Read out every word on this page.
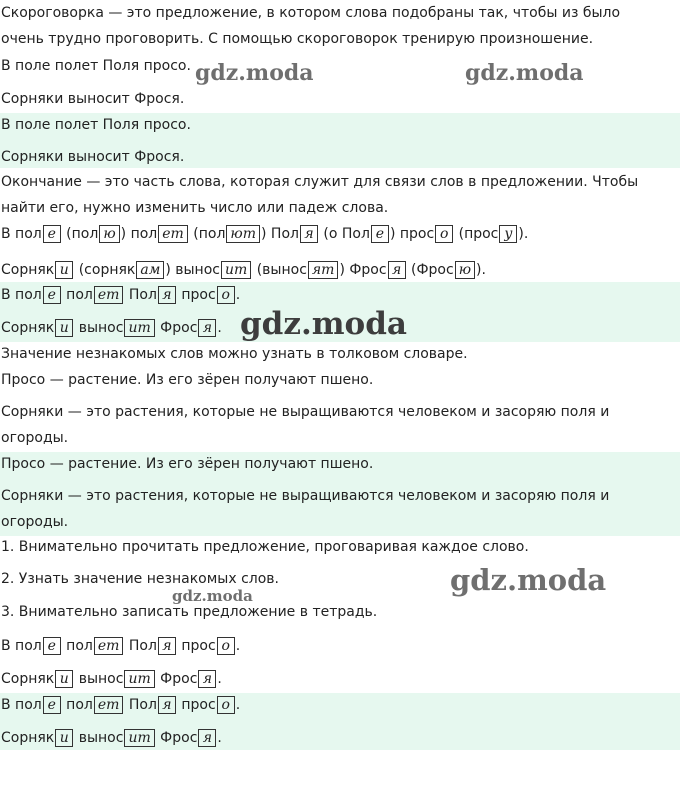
Скороговорка — это предложение, в котором слова подобраны так, чтобы из было
очень трудно проговорить. С помощью скороговорок тренирую произношение.
В поле полет Поля просо.
Сорняки выносит Фрося.
В поле полет Поля просо.
Сорняки выносит Фрося.
Окончание — это часть слова, которая служит для связи слов в предложении. Чтобы
найти его, нужно изменить число или падеж слова.
В пол е (пол ю ) пол ет (пол ют ) Пол я (о Пол е ) прос о (прос у ).
Сорняк и (сорняк ам ) вынос ит (вынос ят ) Фрос я (Фрос ю ).
В пол е пол ет Пол я прос о .
Сорняк и вынос ит Фрос я .
Значение незнакомых слов можно узнать в толковом словаре.
Просо — растение. Из его зёрен получают пшено.
Сорняки — это растения, которые не выращиваются человеком и засоряю поля и
огороды.
Просо — растение. Из его зёрен получают пшено.
Сорняки — это растения, которые не выращиваются человеком и засоряю поля и
огороды.
1. Внимательно прочитать предложение, проговаривая каждое слово.
2. Узнать значение незнакомых слов.
3. Внимательно записать предложение в тетрадь.
В пол е пол ет Пол я прос о .
Сорняк и вынос ит Фрос я .
В пол е пол ет Пол я прос о .
Сорняк и вынос ит Фрос я .
gdz.moda	gdz.moda
gdz.moda
gdz.moda
gdz.moda
